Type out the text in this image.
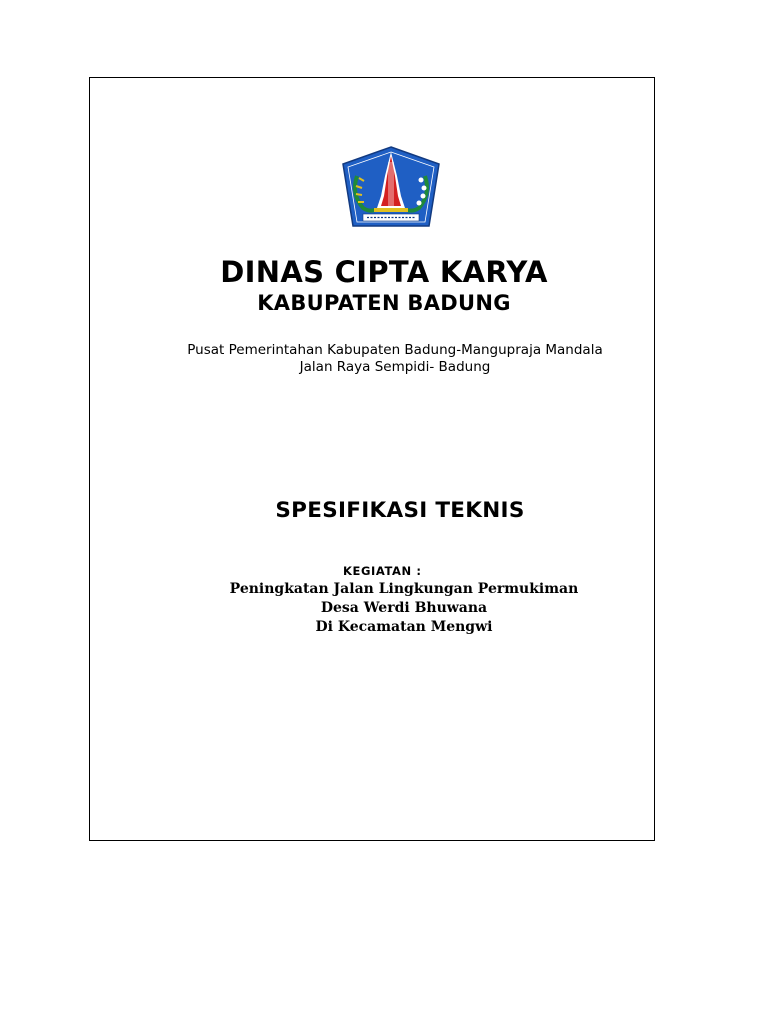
DINAS CIPTA KARYA
KABUPATEN BADUNG
Pusat Pemerintahan Kabupaten Badung-Mangupraja Mandala
Jalan Raya Sempidi- Badung
SPESIFIKASI TEKNIS
KEGIATAN :
Peningkatan Jalan Lingkungan Permukiman
Desa Werdi Bhuwana
Di Kecamatan Mengwi
